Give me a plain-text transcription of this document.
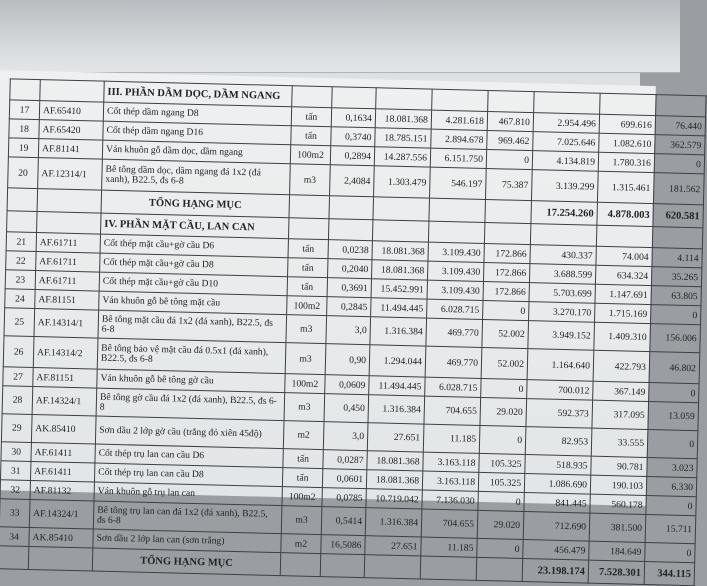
		III. PHẦN DẦM DỌC, DẦM NGANG								
17	AF.65410	Cốt thép dầm ngang D8	tấn	0,1634	18.081.368	4.281.618	467.810	2.954.496	699.616	76.440
18	AF.65420	Cốt thép dầm ngang D16	tấn	0,3740	18.785.151	2.894.678	969.462	7.025.646	1.082.610	362.579
19	AF.81141	Ván khuôn gỗ dầm dọc, dầm ngang	100m2	0,2894	14.287.556	6.151.750	0	4.134.819	1.780.316	0
20	AF.12314/1	Bê tông dầm dọc, dầm ngang đá 1x2 (đá xanh), B22.5, đs 6-8	m3	2,4084	1.303.479	546.197	75.387	3.139.299	1.315.461	181.562
		TỔNG HẠNG MỤC						17.254.260	4.878.003	620.581
		IV. PHẦN MẶT CẦU, LAN CAN								
21	AF.61711	Cốt thép mặt cầu+gờ cầu D6	tấn	0,0238	18.081.368	3.109.430	172.866	430.337	74.004	4.114
22	AF.61711	Cốt thép mặt cầu+gờ cầu D8	tấn	0,2040	18.081.368	3.109.430	172.866	3.688.599	634.324	35.265
23	AF.61711	Cốt thép mặt cầu+gờ cầu D10	tấn	0,3691	15.452.991	3.109.430	172.866	5.703.699	1.147.691	63.805
24	AF.81151	Ván khuôn gỗ bê tông mặt cầu	100m2	0,2845	11.494.445	6.028.715	0	3.270.170	1.715.169	0
25	AF.14314/1	Bê tông mặt cầu đá 1x2 (đá xanh), B22.5, đs 6-8	m3	3,0	1.316.384	469.770	52.002	3.949.152	1.409.310	156.006
26	AF.14314/2	Bê tông bảo vệ mặt cầu đá 0.5x1 (đá xanh), B22.5, đs 6-8	m3	0,90	1.294.044	469.770	52.002	1.164.640	422.793	46.802
27	AF.81151	Ván khuôn gỗ bê tông gờ cầu	100m2	0,0609	11.494.445	6.028.715	0	700.012	367.149	0
28	AF.14324/1	Bê tông gờ cầu đá 1x2 (đá xanh), B22.5, đs 6-8	m3	0,450	1.316.384	704.655	29.020	592.373	317.095	13.059
29	AK.85410	Sơn dầu 2 lớp gờ cầu (trắng đỏ xiên 45độ)	m2	3,0	27.651	11.185	0	82.953	33.555	0
30	AF.61411	Cốt thép trụ lan can cầu D6	tấn	0,0287	18.081.368	3.163.118	105.325	518.935	90.781	3.023
31	AF.61411	Cốt thép trụ lan can cầu D8	tấn	0,0601	18.081.368	3.163.118	105.325	1.086.690	190.103	6.330
32	AF.81132	Ván khuôn gỗ trụ lan can	100m2	0,0785	10.719.042	7.136.030	0	841.445	560.178	0
33	AF.14324/1	Bê tông trụ lan can đá 1x2 (đá xanh), B22.5, đs 6-8	m3	0,5414	1.316.384	704.655	29.020	712.690	381.500	15.711
34	AK.85410	Sơn dầu 2 lớp lan can (sơn trắng)	m2	16,5086	27.651	11.185	0	456.479	184.649	0
		TỔNG HẠNG MỤC						23.198.174	7.528.301	344.115
